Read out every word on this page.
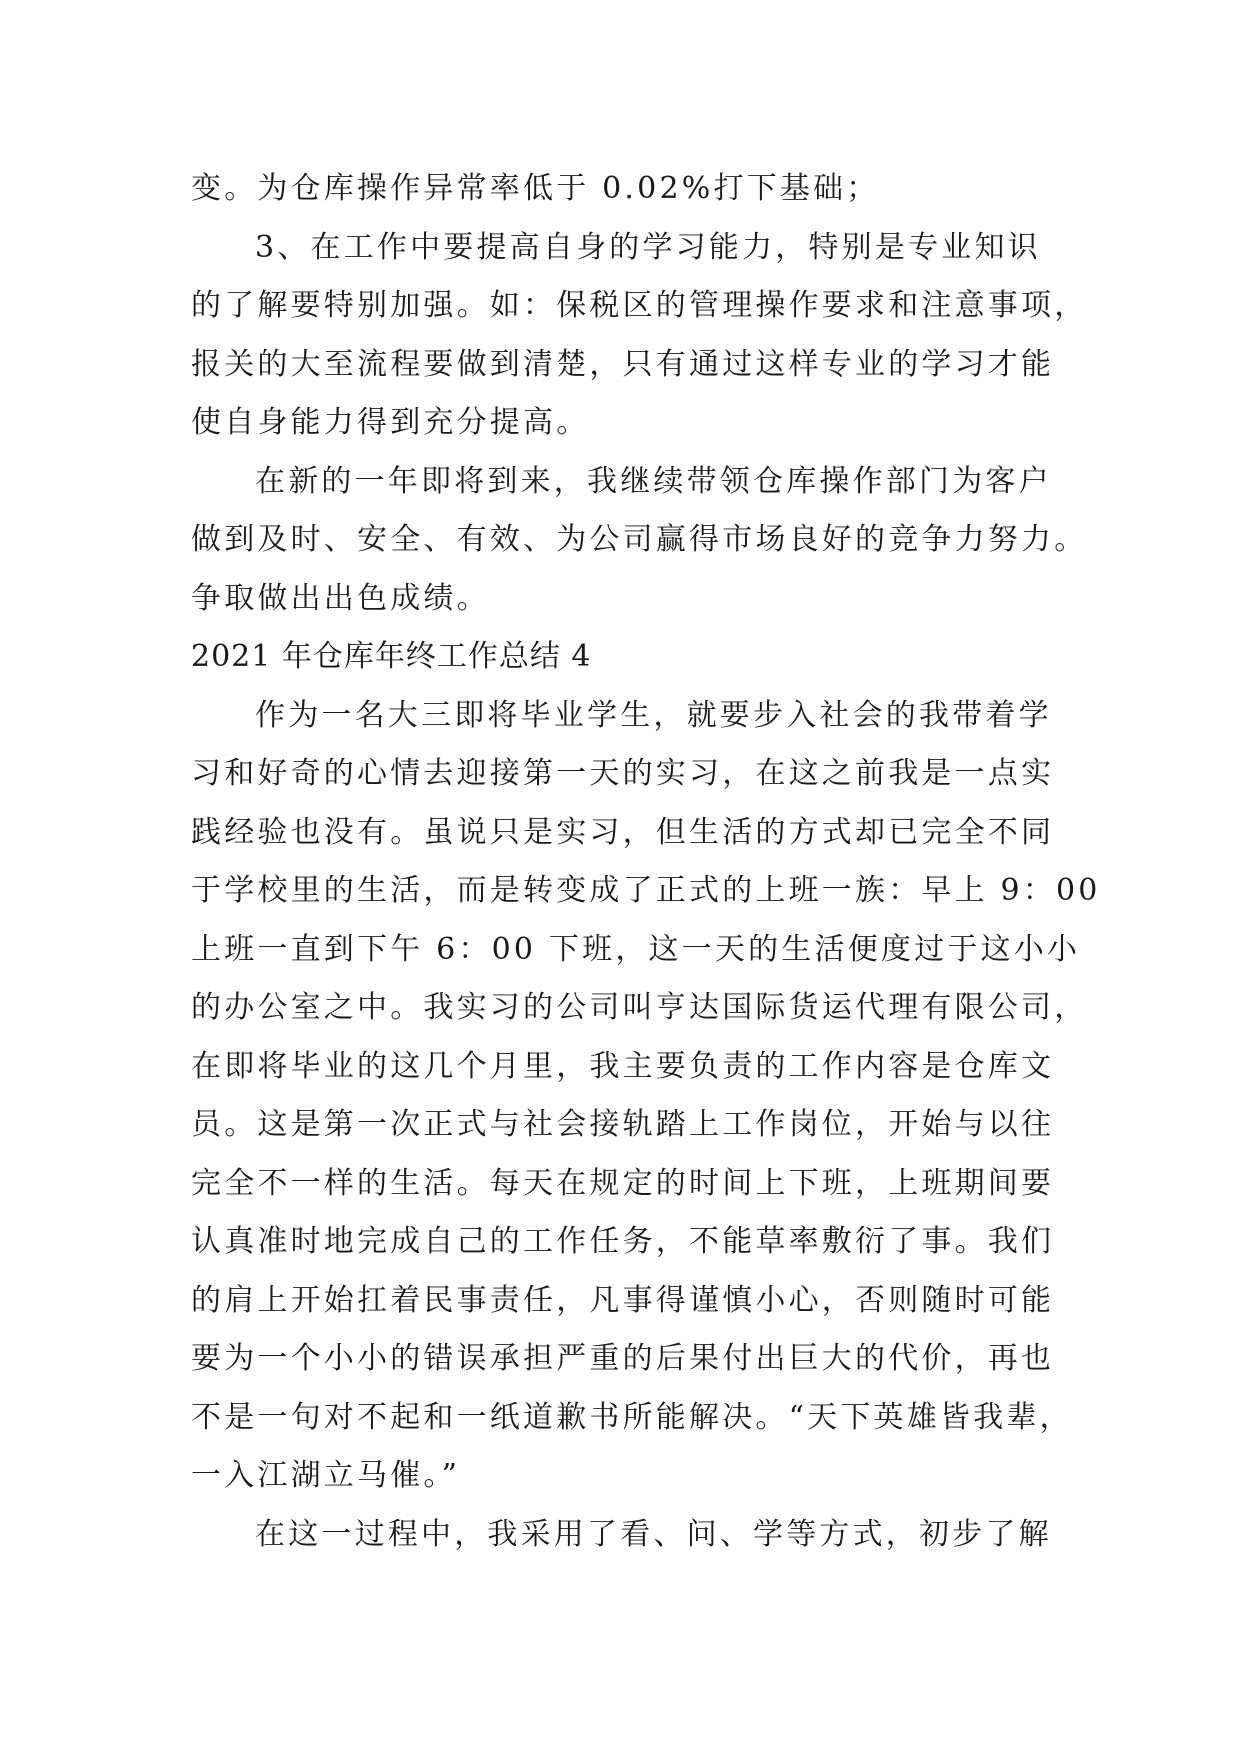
变。为仓库操作异常率低于 0.02%打下基础；
3、在工作中要提高自身的学习能力，特别是专业知识
的了解要特别加强。如：保税区的管理操作要求和注意事项，
报关的大至流程要做到清楚，只有通过这样专业的学习才能
使自身能力得到充分提高。
在新的一年即将到来，我继续带领仓库操作部门为客户
做到及时、安全、有效、为公司赢得市场良好的竞争力努力。
争取做出出色成绩。
2021 年仓库年终工作总结 4
作为一名大三即将毕业学生，就要步入社会的我带着学
习和好奇的心情去迎接第一天的实习，在这之前我是一点实
践经验也没有。虽说只是实习，但生活的方式却已完全不同
于学校里的生活，而是转变成了正式的上班一族：早上 9：00
上班一直到下午 6：00 下班，这一天的生活便度过于这小小
的办公室之中。我实习的公司叫亨达国际货运代理有限公司，
在即将毕业的这几个月里，我主要负责的工作内容是仓库文
员。这是第一次正式与社会接轨踏上工作岗位，开始与以往
完全不一样的生活。每天在规定的时间上下班，上班期间要
认真准时地完成自己的工作任务，不能草率敷衍了事。我们
的肩上开始扛着民事责任，凡事得谨慎小心，否则随时可能
要为一个小小的错误承担严重的后果付出巨大的代价，再也
不是一句对不起和一纸道歉书所能解决。“天下英雄皆我辈，
一入江湖立马催。”
在这一过程中，我采用了看、问、学等方式，初步了解
